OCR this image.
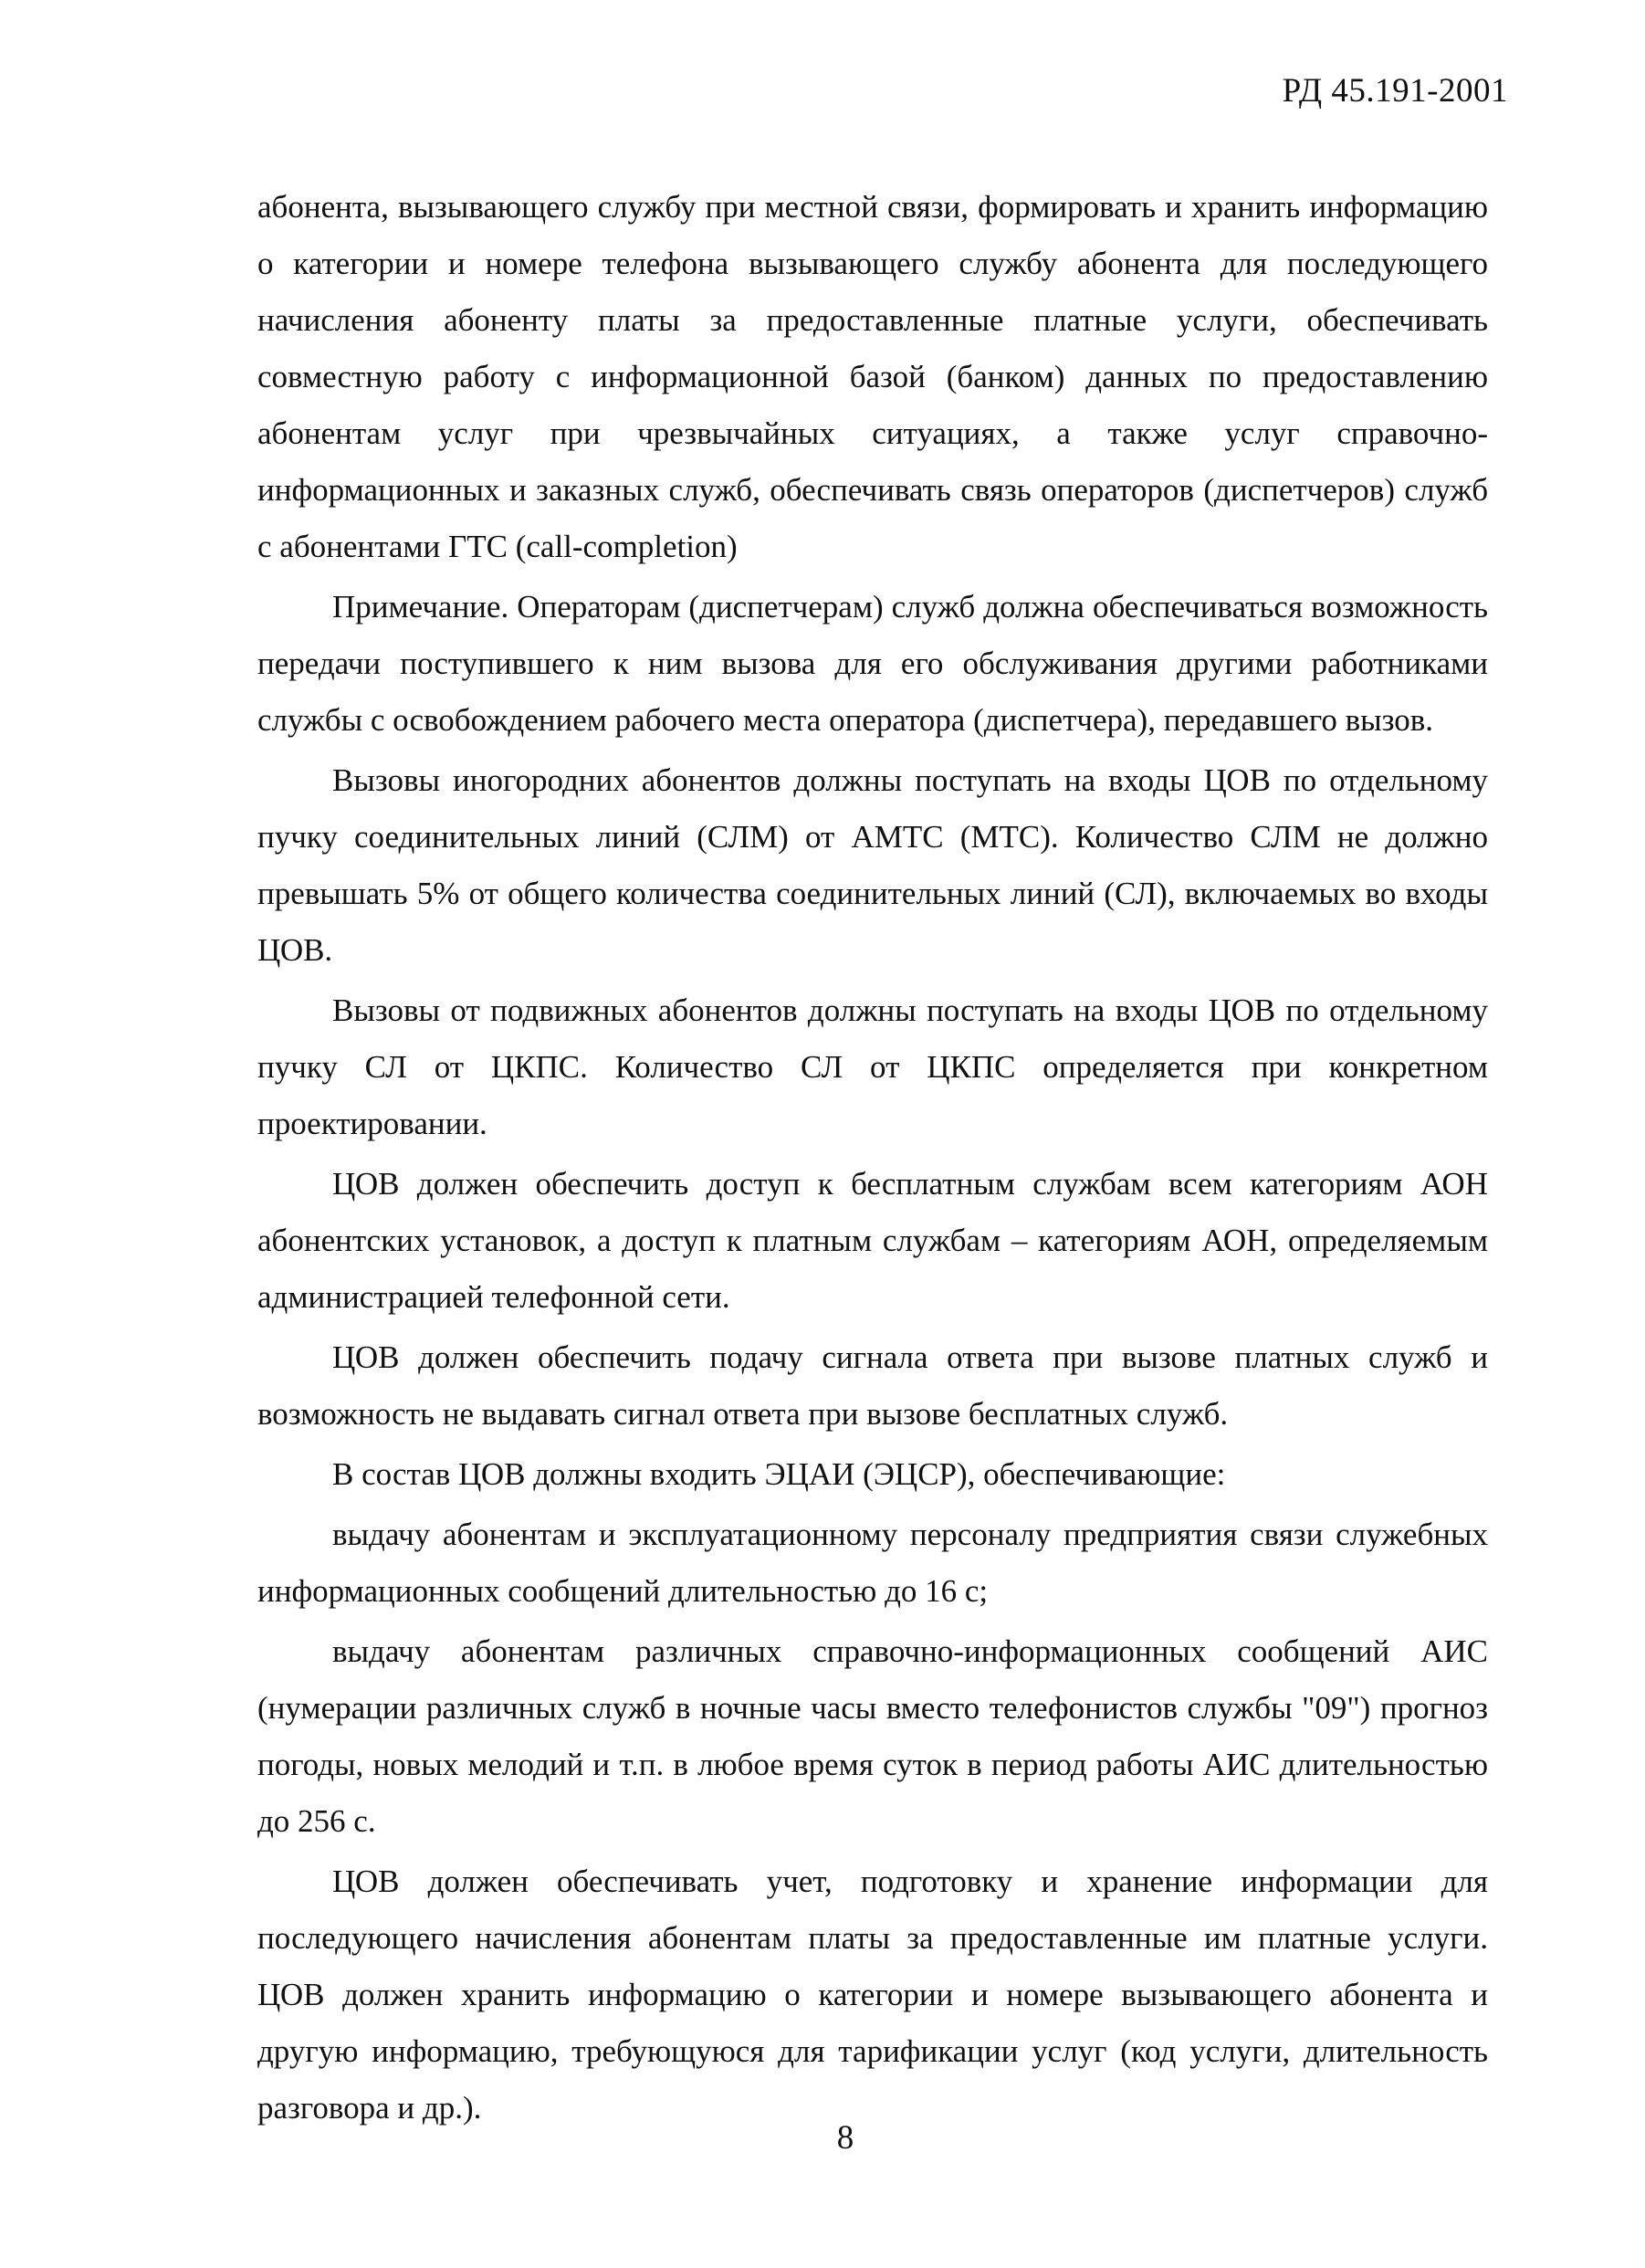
РД 45.191-2001

абонента, вызывающего службу при местной связи, формировать и хранить информацию о категории и номере телефона вызывающего службу абонента для последующего начисления абоненту платы за предоставленные платные услуги, обеспечивать совместную работу с информационной базой (банком) данных по предоставлению абонентам услуг при чрезвычайных ситуациях, а также услуг справочно-информационных и заказных служб, обеспечивать связь операторов (диспетчеров) служб с абонентами ГТС (call-completion)

Примечание. Операторам (диспетчерам) служб должна обеспечиваться возможность передачи поступившего к ним вызова для его обслуживания другими работниками службы с освобождением рабочего места оператора (диспетчера), передавшего вызов.

Вызовы иногородних абонентов должны поступать на входы ЦОВ по отдельному пучку соединительных линий (СЛМ) от АМТС (МТС). Количество СЛМ не должно превышать 5% от общего количества соединительных линий (СЛ), включаемых во входы ЦОВ.

Вызовы от подвижных абонентов должны поступать на входы ЦОВ по отдельному пучку СЛ от ЦКПС. Количество СЛ от ЦКПС определяется при конкретном проектировании.

ЦОВ должен обеспечить доступ к бесплатным службам всем категориям АОН абонентских установок, а доступ к платным службам – категориям АОН, определяемым администрацией телефонной сети.

ЦОВ должен обеспечить подачу сигнала ответа при вызове платных служб и возможность не выдавать сигнал ответа при вызове бесплатных служб.

В состав ЦОВ должны входить ЭЦАИ (ЭЦСР), обеспечивающие:

выдачу абонентам и эксплуатационному персоналу предприятия связи служебных информационных сообщений длительностью до 16 с;

выдачу абонентам различных справочно-информационных сообщений АИС (нумерации различных служб в ночные часы вместо телефонистов службы "09") прогноз погоды, новых мелодий и т.п. в любое время суток в период работы АИС длительностью до 256 с.

ЦОВ должен обеспечивать учет, подготовку и хранение информации для последующего начисления абонентам платы за предоставленные им платные услуги. ЦОВ должен хранить информацию о категории и номере вызывающего абонента и другую информацию, требующуюся для тарификации услуг (код услуги, длительность разговора и др.).

8
